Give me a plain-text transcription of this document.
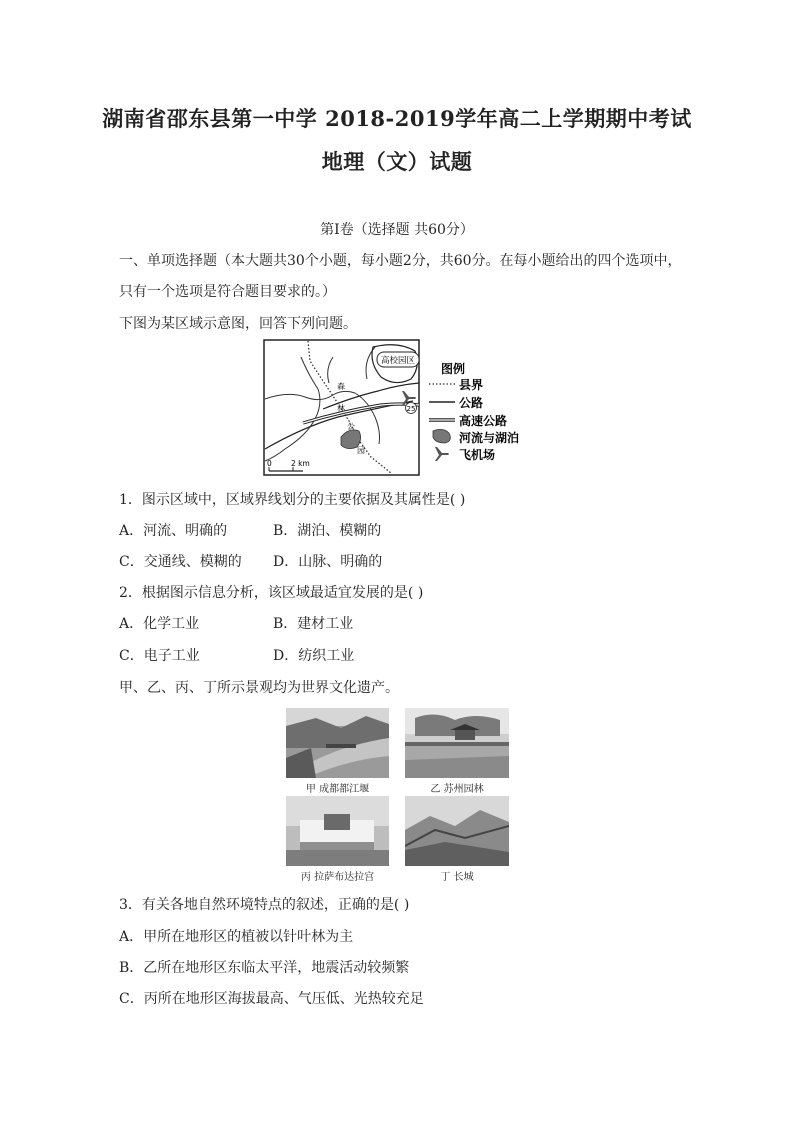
湖南省邵东县第一中学 2018-2019学年高二上学期期中考试
地理（文）试题
第Ⅰ卷（选择题 共60分）
一、单项选择题（本大题共30个小题，每小题2分，共60分。在每小题给出的四个选项中，
只有一个选项是符合题目要求的。）
下图为某区域示意图，回答下列问题。
高校园区
25
森
林
公
园
0	2 km
图例
县界
公路
高速公路
河流与湖泊
飞机场
1．图示区域中，区域界线划分的主要依据及其属性是( )
A．河流、明确的	B．湖泊、模糊的
C．交通线、模糊的 D．山脉、明确的
2．根据图示信息分析，该区域最适宜发展的是( )
A．化学工业	B．建材工业
C．电子工业	D．纺织工业
甲、乙、丙、丁所示景观均为世界文化遗产。
甲 成都都江堰	乙 苏州园林
丙 拉萨布达拉宫	丁 长城
3．有关各地自然环境特点的叙述，正确的是( )
A．甲所在地形区的植被以针叶林为主
B．乙所在地形区东临太平洋，地震活动较频繁
C．丙所在地形区海拔最高、气压低、光热较充足
